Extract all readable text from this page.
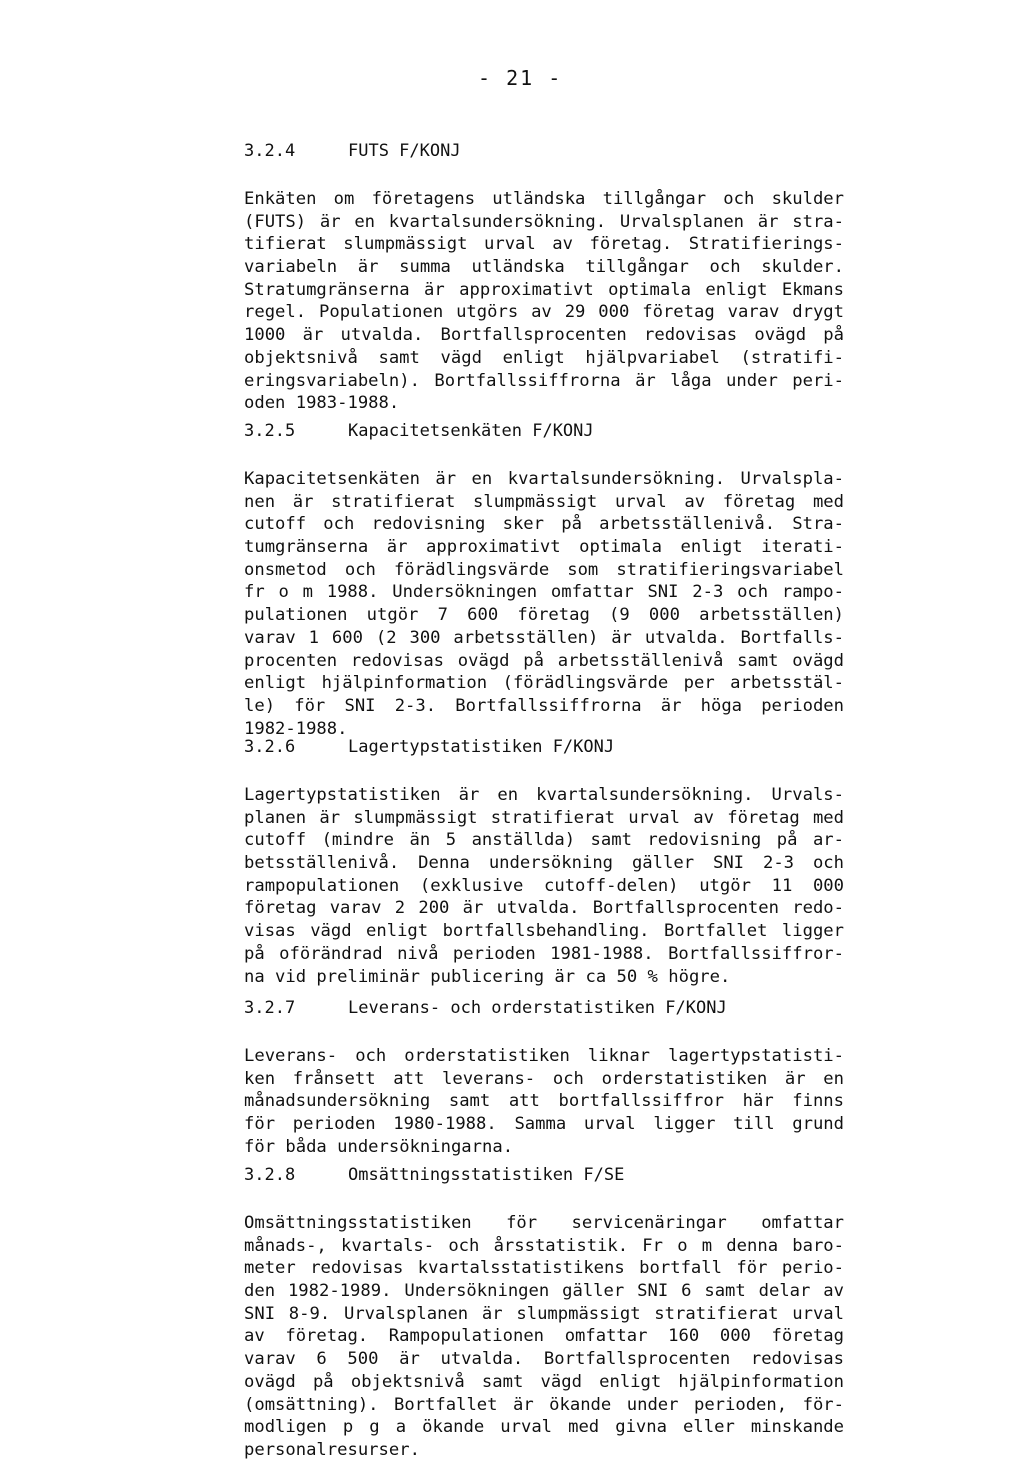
- 21 -
3.2.4	FUTS F/KONJ
Enkäten om företagens utländska tillgångar och skulder
(FUTS) är en kvartalsundersökning. Urvalsplanen är stra-
tifierat slumpmässigt urval av företag. Stratifierings-
variabeln är summa utländska tillgångar och skulder.
Stratumgränserna är approximativt optimala enligt Ekmans
regel. Populationen utgörs av 29 000 företag varav drygt
1000 är utvalda. Bortfallsprocenten redovisas ovägd på
objektsnivå samt vägd enligt hjälpvariabel (stratifi-
eringsvariabeln). Bortfallssiffrorna är låga under peri-
oden 1983-1988.
3.2.5	Kapacitetsenkäten F/KONJ
Kapacitetsenkäten är en kvartalsundersökning. Urvalspla-
nen är stratifierat slumpmässigt urval av företag med
cutoff och redovisning sker på arbetsställenivå. Stra-
tumgränserna är approximativt optimala enligt iterati-
onsmetod och förädlingsvärde som stratifieringsvariabel
fr o m 1988. Undersökningen omfattar SNI 2-3 och rampo-
pulationen utgör 7 600 företag (9 000 arbetsställen)
varav 1 600 (2 300 arbetsställen) är utvalda. Bortfalls-
procenten redovisas ovägd på arbetsställenivå samt ovägd
enligt hjälpinformation (förädlingsvärde per arbetsstäl-
le) för SNI 2-3. Bortfallssiffrorna är höga perioden
1982-1988.
3.2.6	Lagertypstatistiken F/KONJ
Lagertypstatistiken är en kvartalsundersökning. Urvals-
planen är slumpmässigt stratifierat urval av företag med
cutoff (mindre än 5 anställda) samt redovisning på ar-
betsställenivå. Denna undersökning gäller SNI 2-3 och
rampopulationen (exklusive cutoff-delen) utgör 11 000
företag varav 2 200 är utvalda. Bortfallsprocenten redo-
visas vägd enligt bortfallsbehandling. Bortfallet ligger
på oförändrad nivå perioden 1981-1988. Bortfallssiffror-
na vid preliminär publicering är ca 50 % högre.
3.2.7	Leverans- och orderstatistiken F/KONJ
Leverans- och orderstatistiken liknar lagertypstatisti-
ken frånsett att leverans- och orderstatistiken är en
månadsundersökning samt att bortfallssiffror här finns
för perioden 1980-1988. Samma urval ligger till grund
för båda undersökningarna.
3.2.8	Omsättningsstatistiken F/SE
Omsättningsstatistiken för servicenäringar omfattar
månads-, kvartals- och årsstatistik. Fr o m denna baro-
meter redovisas kvartalsstatistikens bortfall för perio-
den 1982-1989. Undersökningen gäller SNI 6 samt delar av
SNI 8-9. Urvalsplanen är slumpmässigt stratifierat urval
av företag. Rampopulationen omfattar 160 000 företag
varav 6 500 är utvalda. Bortfallsprocenten redovisas
ovägd på objektsnivå samt vägd enligt hjälpinformation
(omsättning). Bortfallet är ökande under perioden, för-
modligen p g a ökande urval med givna eller minskande
personalresurser.
